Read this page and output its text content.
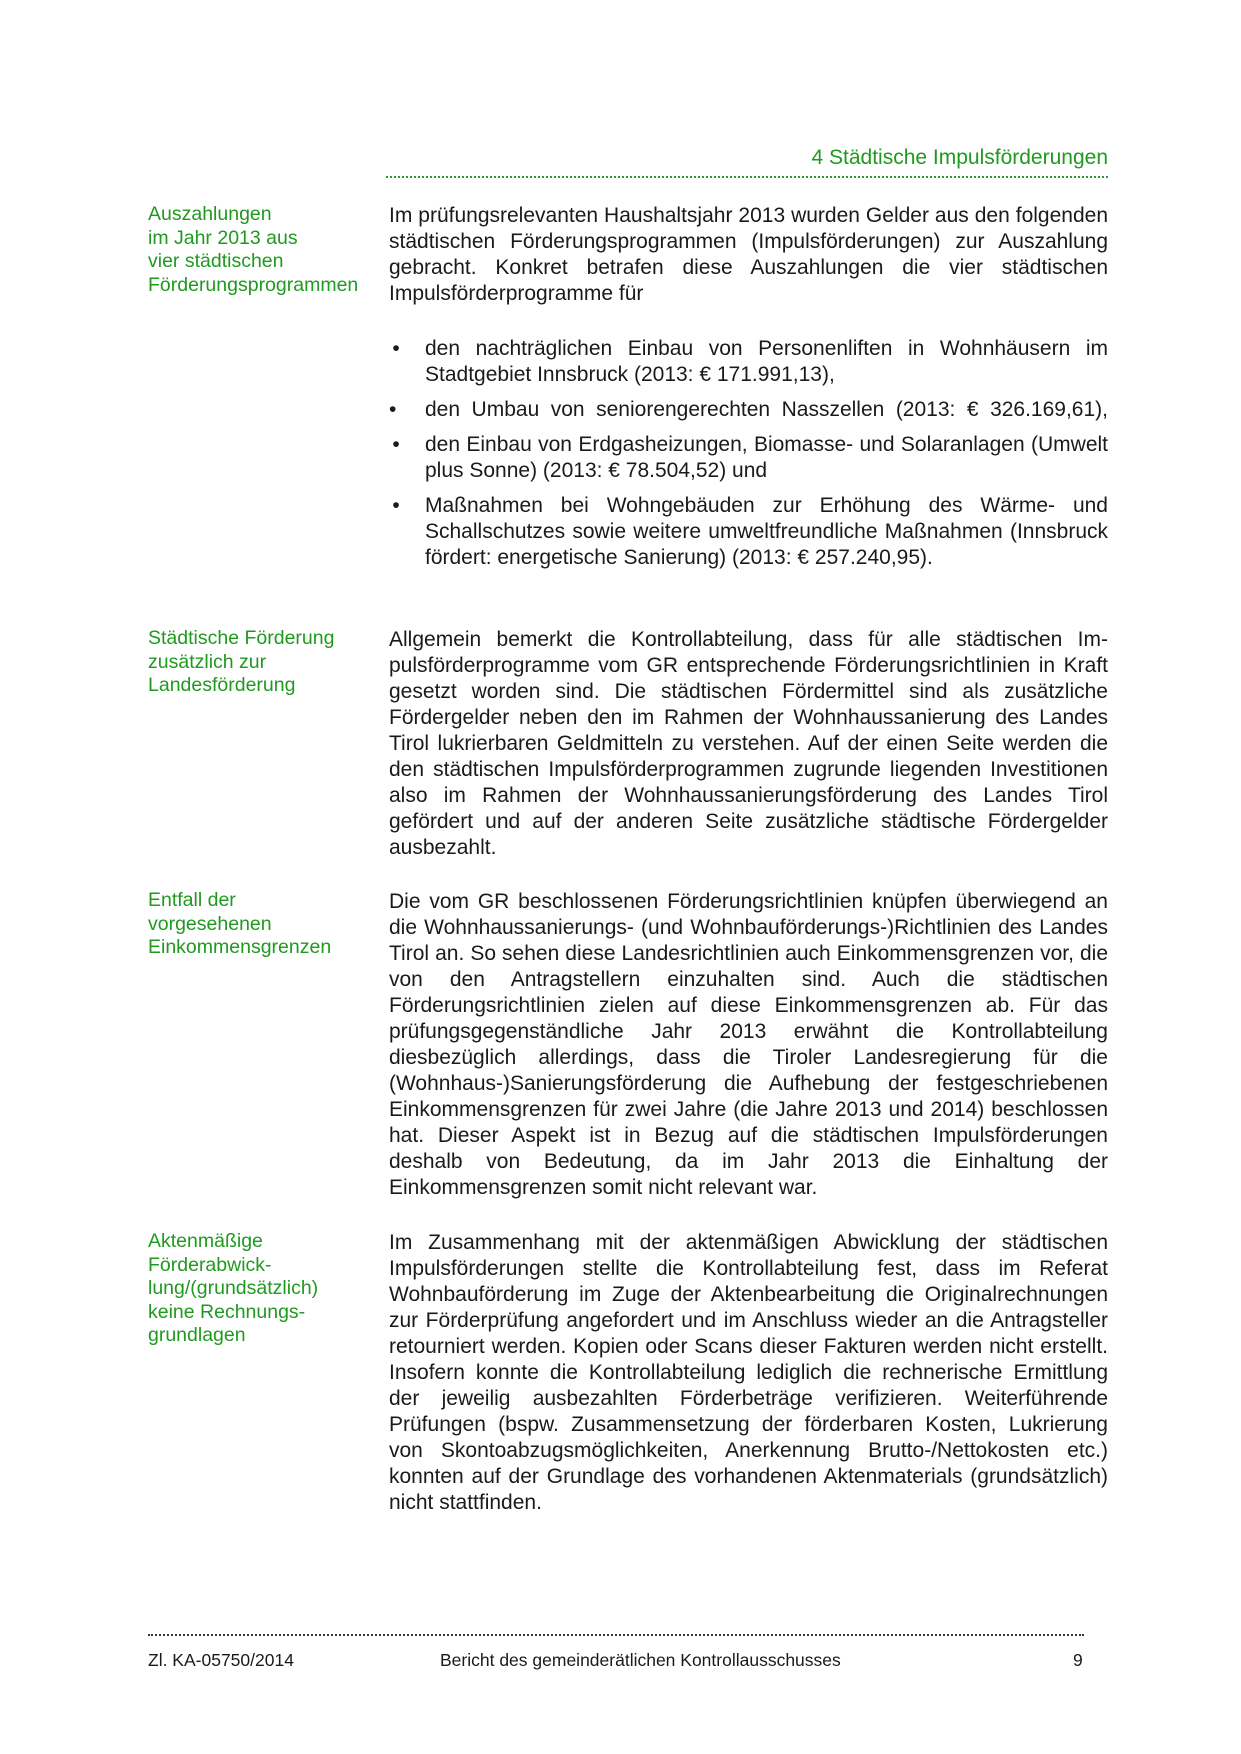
4 Städtische Impulsförderungen
Auszahlungen
im Jahr 2013 aus
vier städtischen
Förderungsprogrammen

Im prüfungsrelevanten Haushaltsjahr 2013 wurden Gelder aus den folgenden städtischen Förderungsprogrammen (Impulsförderungen) zur Auszahlung gebracht. Konkret betrafen diese Auszahlungen die vier städtischen Impulsförderprogramme für

• den nachträglichen Einbau von Personenliften in Wohnhäusern im Stadtgebiet Innsbruck (2013: € 171.991,13),
•	den Umbau von seniorengerechten Nasszellen (2013: € 326.169,61),
• den Einbau von Erdgasheizungen, Biomasse- und Solaranlagen (Umwelt plus Sonne) (2013: € 78.504,52) und
• Maßnahmen bei Wohngebäuden zur Erhöhung des Wärme- und Schallschutzes sowie weitere umweltfreundliche Maßnahmen (Innsbruck fördert: energetische Sanierung) (2013: € 257.240,95).
Städtische Förderung
zusätzlich zur
Landesförderung

Allgemein bemerkt die Kontrollabteilung, dass für alle städtischen Impulsförderprogramme vom GR entsprechende Förderungsrichtlinien in Kraft gesetzt worden sind. Die städtischen Fördermittel sind als zusätzliche Fördergelder neben den im Rahmen der Wohnhaussanierung des Landes Tirol lukrierbaren Geldmitteln zu verstehen. Auf der einen Seite werden die den städtischen Impulsförderprogrammen zugrunde liegenden Investitionen also im Rahmen der Wohnhaussanierungsförderung des Landes Tirol gefördert und auf der anderen Seite zusätzliche städtische Fördergelder ausbezahlt.

Entfall der
vorgesehenen
Einkommensgrenzen

Die vom GR beschlossenen Förderungsrichtlinien knüpfen überwiegend an die Wohnhaussanierungs- (und Wohnbauförderungs-)Richtlinien des Landes Tirol an. So sehen diese Landesrichtlinien auch Einkommensgrenzen vor, die von den Antragstellern einzuhalten sind. Auch die städtischen Förderungsrichtlinien zielen auf diese Einkommensgrenzen ab. Für das prüfungsgegenständliche Jahr 2013 erwähnt die Kontrollabteilung diesbezüglich allerdings, dass die Tiroler Landesregierung für die (Wohnhaus-)Sanierungsförderung die Aufhebung der festgeschriebenen Einkommensgrenzen für zwei Jahre (die Jahre 2013 und 2014) beschlossen hat. Dieser Aspekt ist in Bezug auf die städtischen Impulsförderungen deshalb von Bedeutung, da im Jahr 2013 die Einhaltung der Einkommensgrenzen somit nicht relevant war.

Aktenmäßige
Förderabwick-
lung/(grundsätzlich)
keine Rechnungs-
grundlagen

Im Zusammenhang mit der aktenmäßigen Abwicklung der städtischen Impulsförderungen stellte die Kontrollabteilung fest, dass im Referat Wohnbauförderung im Zuge der Aktenbearbeitung die Originalrechnungen zur Förderprüfung angefordert und im Anschluss wieder an die Antragsteller retourniert werden. Kopien oder Scans dieser Fakturen werden nicht erstellt. Insofern konnte die Kontrollabteilung lediglich die rechnerische Ermittlung der jeweilig ausbezahlten Förderbeträge verifizieren. Weiterführende Prüfungen (bspw. Zusammensetzung der förderbaren Kosten, Lukrierung von Skontoabzugsmöglichkeiten, Anerkennung Brutto-/Nettokosten etc.) konnten auf der Grundlage des vorhandenen Aktenmaterials (grundsätzlich) nicht stattfinden.

Zl. KA-05750/2014	Bericht des gemeinderätlichen Kontrollausschusses	9
